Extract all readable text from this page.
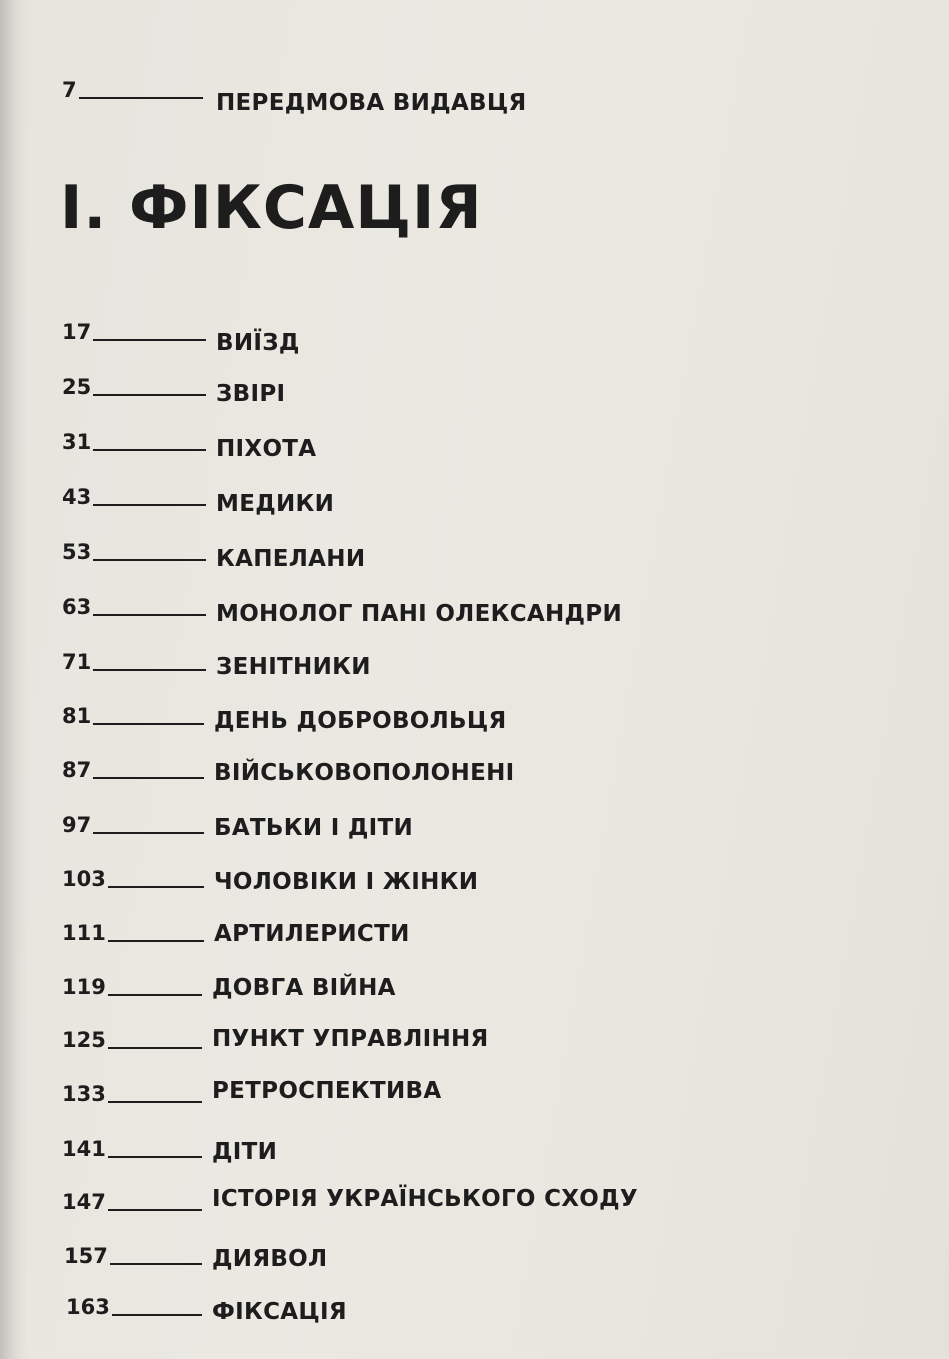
7	ПЕРЕДМОВА ВИДАВЦЯ
І. ФІКСАЦІЯ
17	ВИЇЗД
25	ЗВІРІ
31	ПІХОТА
43	МЕДИКИ
53	КАПЕЛАНИ
63	МОНОЛОГ ПАНІ ОЛЕКСАНДРИ
71	ЗЕНІТНИКИ
81	ДЕНЬ ДОБРОВОЛЬЦЯ
87	ВІЙСЬКОВОПОЛОНЕНІ
97	БАТЬКИ І ДІТИ
103	ЧОЛОВІКИ І ЖІНКИ
111	АРТИЛЕРИСТИ
119	ДОВГА ВІЙНА
125	ПУНКТ УПРАВЛІННЯ
133	РЕТРОСПЕКТИВА
141	ДІТИ
147	ІСТОРІЯ УКРАЇНСЬКОГО СХОДУ
157	ДИЯВОЛ
163	ФІКСАЦІЯ
